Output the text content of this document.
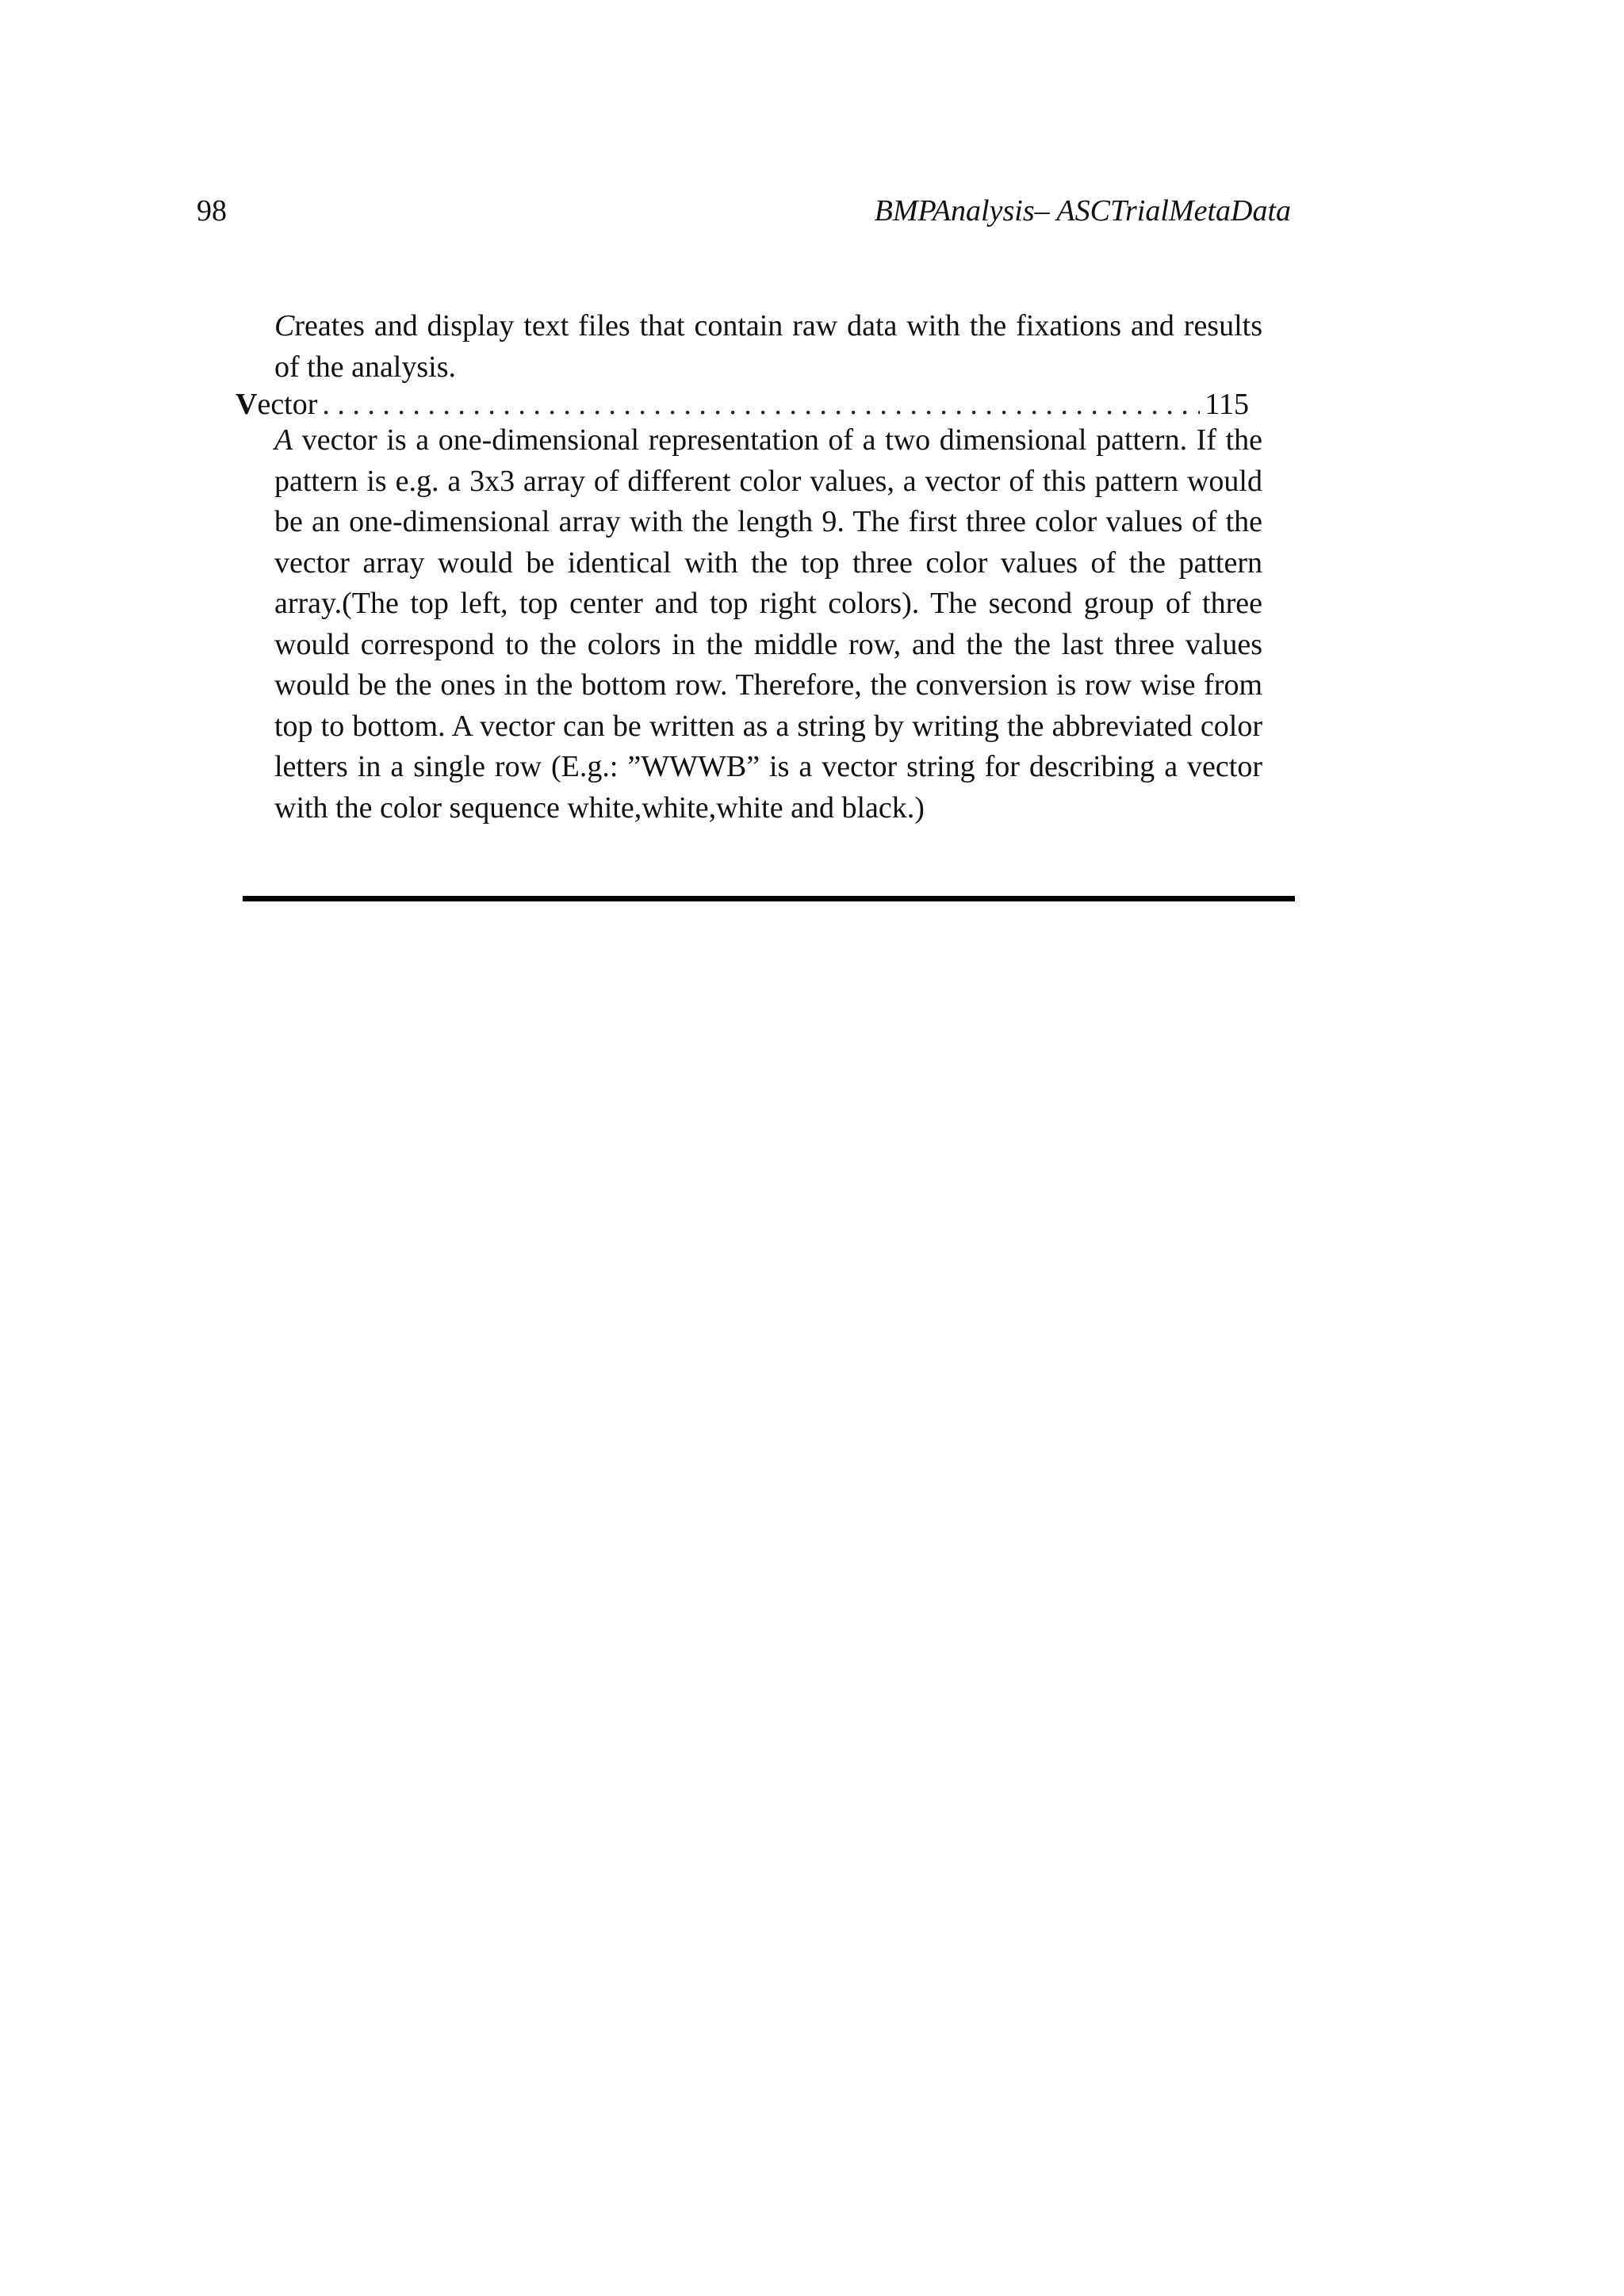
98	BMPAnalysis– ASCTrialMetaData

Creates and display text files that contain raw data with the fixations and results of the analysis.

Vector
. . .	115

A vector is a one-dimensional representation of a two dimensional pattern. If the pattern is e.g. a 3x3 array of different color values, a vector of this pattern would be an one-dimensional array with the length 9. The first three color values of the vector array would be identical with the top three color values of the pattern array.(The top left, top center and top right colors). The second group of three would correspond to the colors in the middle row, and the the last three values would be the ones in the bottom row. Therefore, the conversion is row wise from top to bottom. A vector can be written as a string by writing the abbreviated color letters in a single row (E.g.: ”WWWB” is a vector string for describing a vector with the color sequence white,white,white and black.)
